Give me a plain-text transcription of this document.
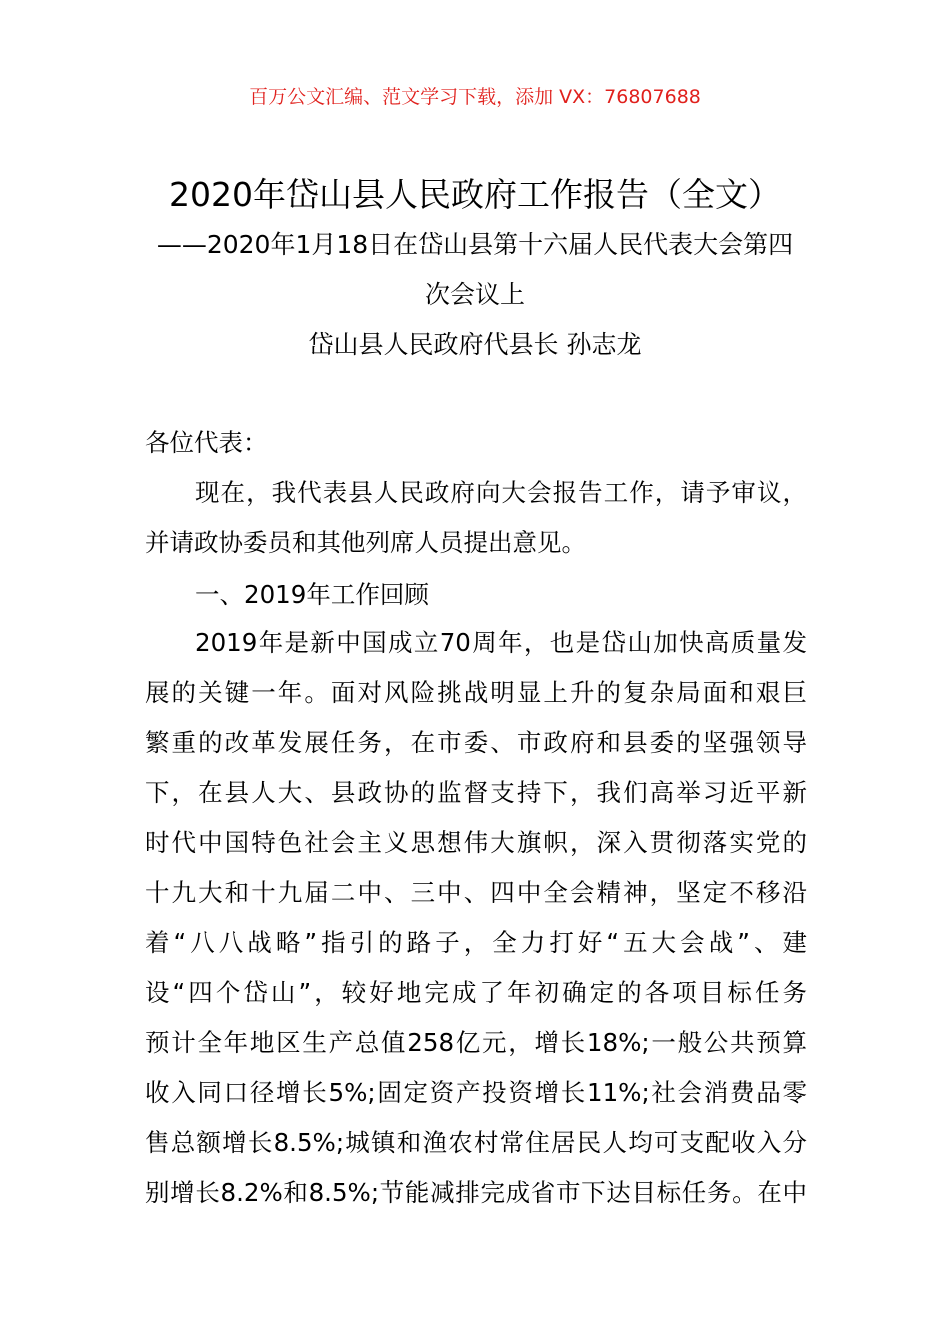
百万公文汇编、范文学习下载，添加 VX：76807688
2020年岱山县人民政府工作报告（全文）
——2020年1月18日在岱山县第十六届人民代表大会第四
次会议上
岱山县人民政府代县长 孙志龙
各位代表：
现在，我代表县人民政府向大会报告工作，请予审议，
并请政协委员和其他列席人员提出意见。
一、2019年工作回顾
2019年是新中国成立70周年，也是岱山加快高质量发
展的关键一年。面对风险挑战明显上升的复杂局面和艰巨
繁重的改革发展任务，在市委、市政府和县委的坚强领导
下，在县人大、县政协的监督支持下，我们高举习近平新
时代中国特色社会主义思想伟大旗帜，深入贯彻落实党的
十九大和十九届二中、三中、四中全会精神，坚定不移沿
着“八八战略”指引的路子，全力打好“五大会战”、建
设“四个岱山”，较好地完成了年初确定的各项目标任务
预计全年地区生产总值258亿元，增长18%;一般公共预算
收入同口径增长5%;固定资产投资增长11%;社会消费品零
售总额增长8.5%;城镇和渔农村常住居民人均可支配收入分
别增长8.2%和8.5%;节能减排完成省市下达目标任务。在中
